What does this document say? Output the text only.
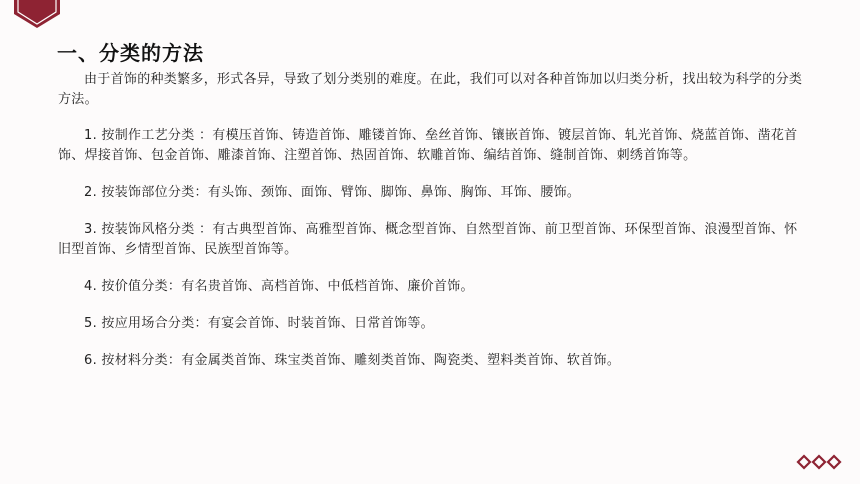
一、分类的方法

由于首饰的种类繁多，形式各异，导致了划分类别的难度。在此，我们可以对各种首饰加以归类分析，找出较为科学的分类方法。

1. 按制作工艺分类 ：有模压首饰、铸造首饰、雕镂首饰、垒丝首饰、镶嵌首饰、镀层首饰、轧光首饰、烧蓝首饰、凿花首饰、焊接首饰、包金首饰、雕漆首饰、注塑首饰、热固首饰、软雕首饰、编结首饰、缝制首饰、刺绣首饰等。

2. 按装饰部位分类：有头饰、颈饰、面饰、臂饰、脚饰、鼻饰、胸饰、耳饰、腰饰。

3. 按装饰风格分类 ：有古典型首饰、高雅型首饰、概念型首饰、自然型首饰、前卫型首饰、环保型首饰、浪漫型首饰、怀旧型首饰、乡情型首饰、民族型首饰等。

4. 按价值分类：有名贵首饰、高档首饰、中低档首饰、廉价首饰。

5. 按应用场合分类：有宴会首饰、时装首饰、日常首饰等。

6. 按材料分类：有金属类首饰、珠宝类首饰、雕刻类首饰、陶瓷类、塑料类首饰、软首饰。
